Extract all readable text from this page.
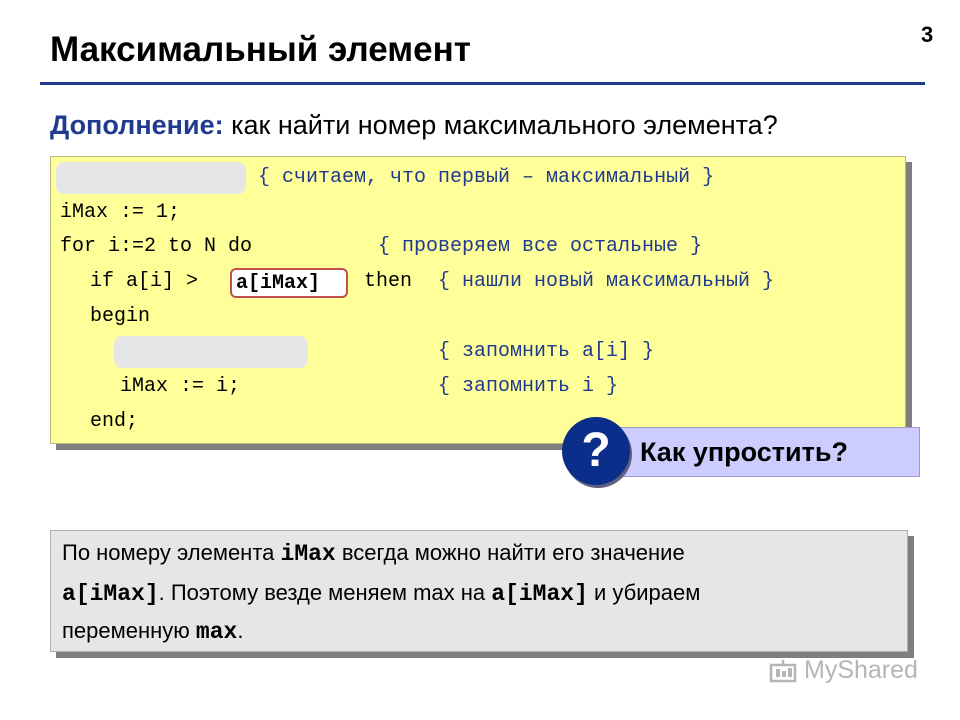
Максимальный элемент	3
Дополнение: как найти номер максимального элемента?
{ считаем, что первый – максимальный }
iMax := 1;
for i:=2 to N do	{ проверяем все остальные }
if a[i] > a[iMax] then { нашли новый максимальный }
begin
{ запомнить a[i] }
iMax := i;	{ запомнить i }
end;
Как упростить?
?
По номеру элемента iMax всегда можно найти его значение
a[iMax]. Поэтому везде меняем max на a[iMax] и убираем
переменную max.
MyShared
